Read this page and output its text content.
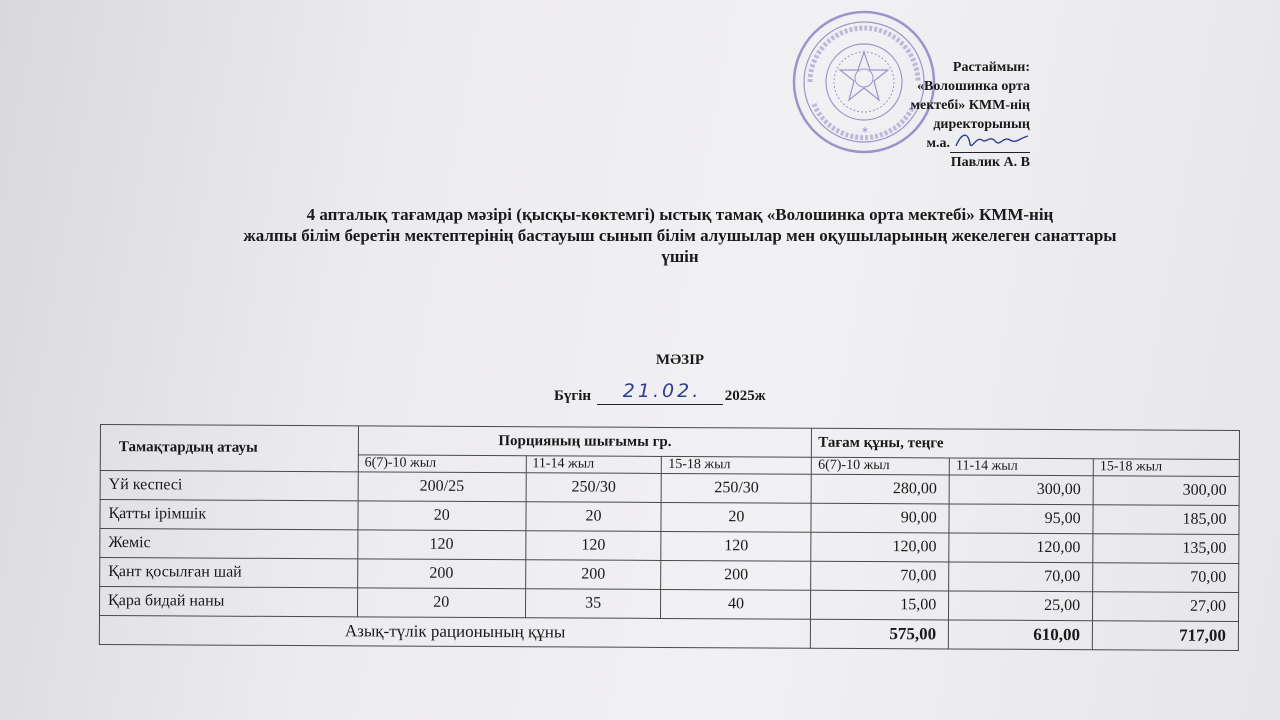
*
Растаймын:
«Волошинка орта
мектебі» КММ-нің
директорының
м.а.
Павлик А. В
4 апталық тағамдар мәзірі (қысқы-көктемгі) ыстық тамақ «Волошинка орта мектебі» КММ-нің
жалпы білім беретін мектептерінің бастауыш сынып білім алушылар мен оқушыларының жекелеген санаттары
үшін
МӘЗІР
Бүгін 21.02. 2025ж
Тамақтардың атауы	Порцияның шығымы гр.			Тағам құны, теңге		
	6(7)-10 жыл	11-14 жыл	15-18 жыл	6(7)-10 жыл	11-14 жыл	15-18 жыл
Үй кеспесі	200/25	250/30	250/30	280,00	300,00	300,00
Қатты ірімшік	20	20	20	90,00	95,00	185,00
Жеміс	120	120	120	120,00	120,00	135,00
Қант қосылған шай	200	200	200	70,00	70,00	70,00
Қара бидай наны	20	35	40	15,00	25,00	27,00
Азық-түлік рационының құны				575,00	610,00	717,00
